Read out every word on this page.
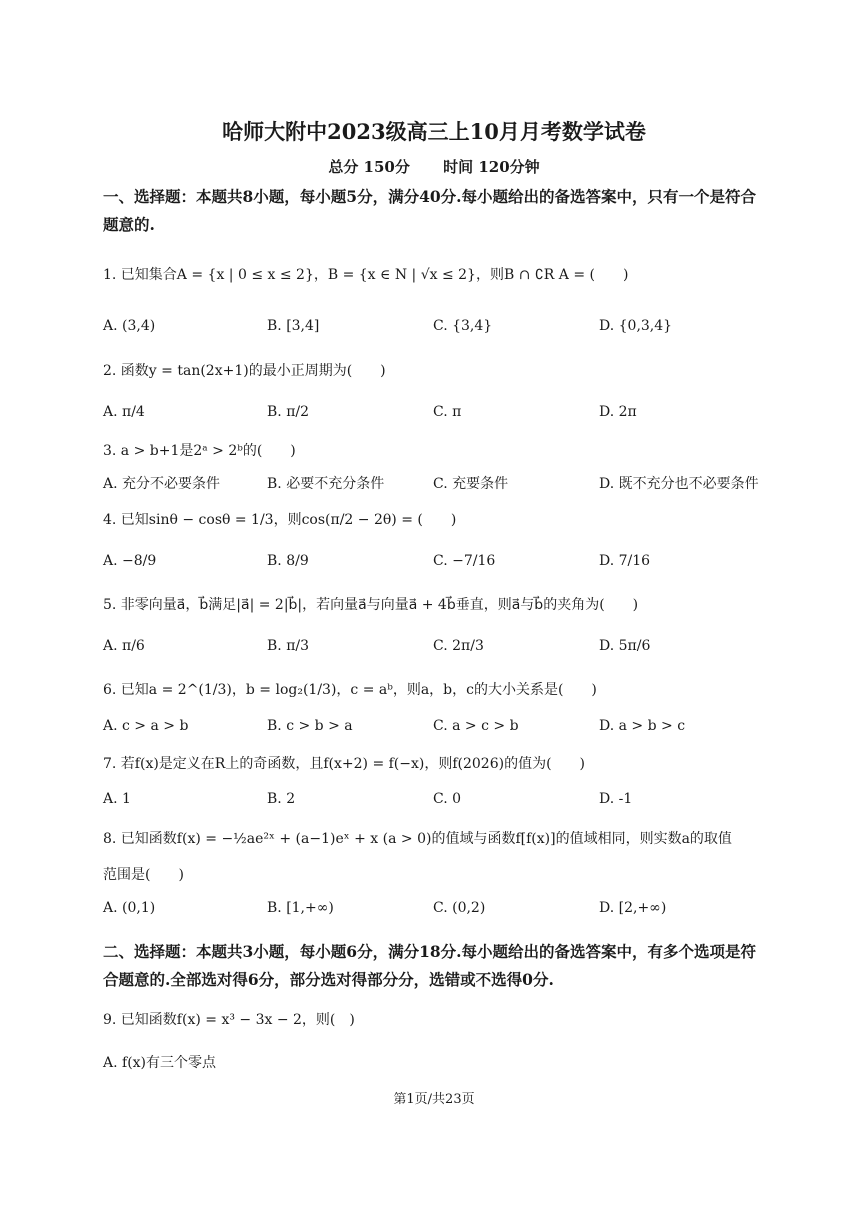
哈师大附中2023级高三上10月月考数学试卷
总分 150分 时间 120分钟
一、选择题：本题共8小题，每小题5分，满分40分.每小题给出的备选答案中，只有一个是符合题意的.
1. 已知集合A = {x | 0 ≤ x ≤ 2}，B = {x ∈ N | √x ≤ 2}，则B ∩ ∁R A = (　　)
A. (3,4)	B. [3,4]	C. {3,4}	D. {0,3,4}
2. 函数y = tan(2x+1)的最小正周期为(　　)
A. π/4	B. π/2	C. π	D. 2π
3. a > b+1是2ᵃ > 2ᵇ的(　　)
A. 充分不必要条件	B. 必要不充分条件	C. 充要条件	D. 既不充分也不必要条件
4. 已知sinθ − cosθ = 1/3，则cos(π/2 − 2θ) = (　　)
A. −8/9	B. 8/9	C. −7/16	D. 7/16
5. 非零向量a⃗，b⃗满足|a⃗| = 2|b⃗|，若向量a⃗与向量a⃗ + 4b⃗垂直，则a⃗与b⃗的夹角为(　　)
A. π/6	B. π/3	C. 2π/3	D. 5π/6
6. 已知a = 2^(1/3)，b = log₂(1/3)，c = aᵇ，则a，b，c的大小关系是(　　)
A. c > a > b	B. c > b > a	C. a > c > b	D. a > b > c
7. 若f(x)是定义在R上的奇函数，且f(x+2) = f(−x)，则f(2026)的值为(　　)
A. 1	B. 2	C. 0	D. -1
8. 已知函数f(x) = −½ae²ˣ + (a−1)eˣ + x (a > 0)的值域与函数f[f(x)]的值域相同，则实数a的取值
范围是(　　)
A. (0,1)	B. [1,+∞)	C. (0,2)	D. [2,+∞)
二、选择题：本题共3小题，每小题6分，满分18分.每小题给出的备选答案中，有多个选项是符合题意的.全部选对得6分，部分选对得部分分，选错或不选得0分.
9. 已知函数f(x) = x³ − 3x − 2，则(　)
A. f(x)有三个零点
第1页/共23页
